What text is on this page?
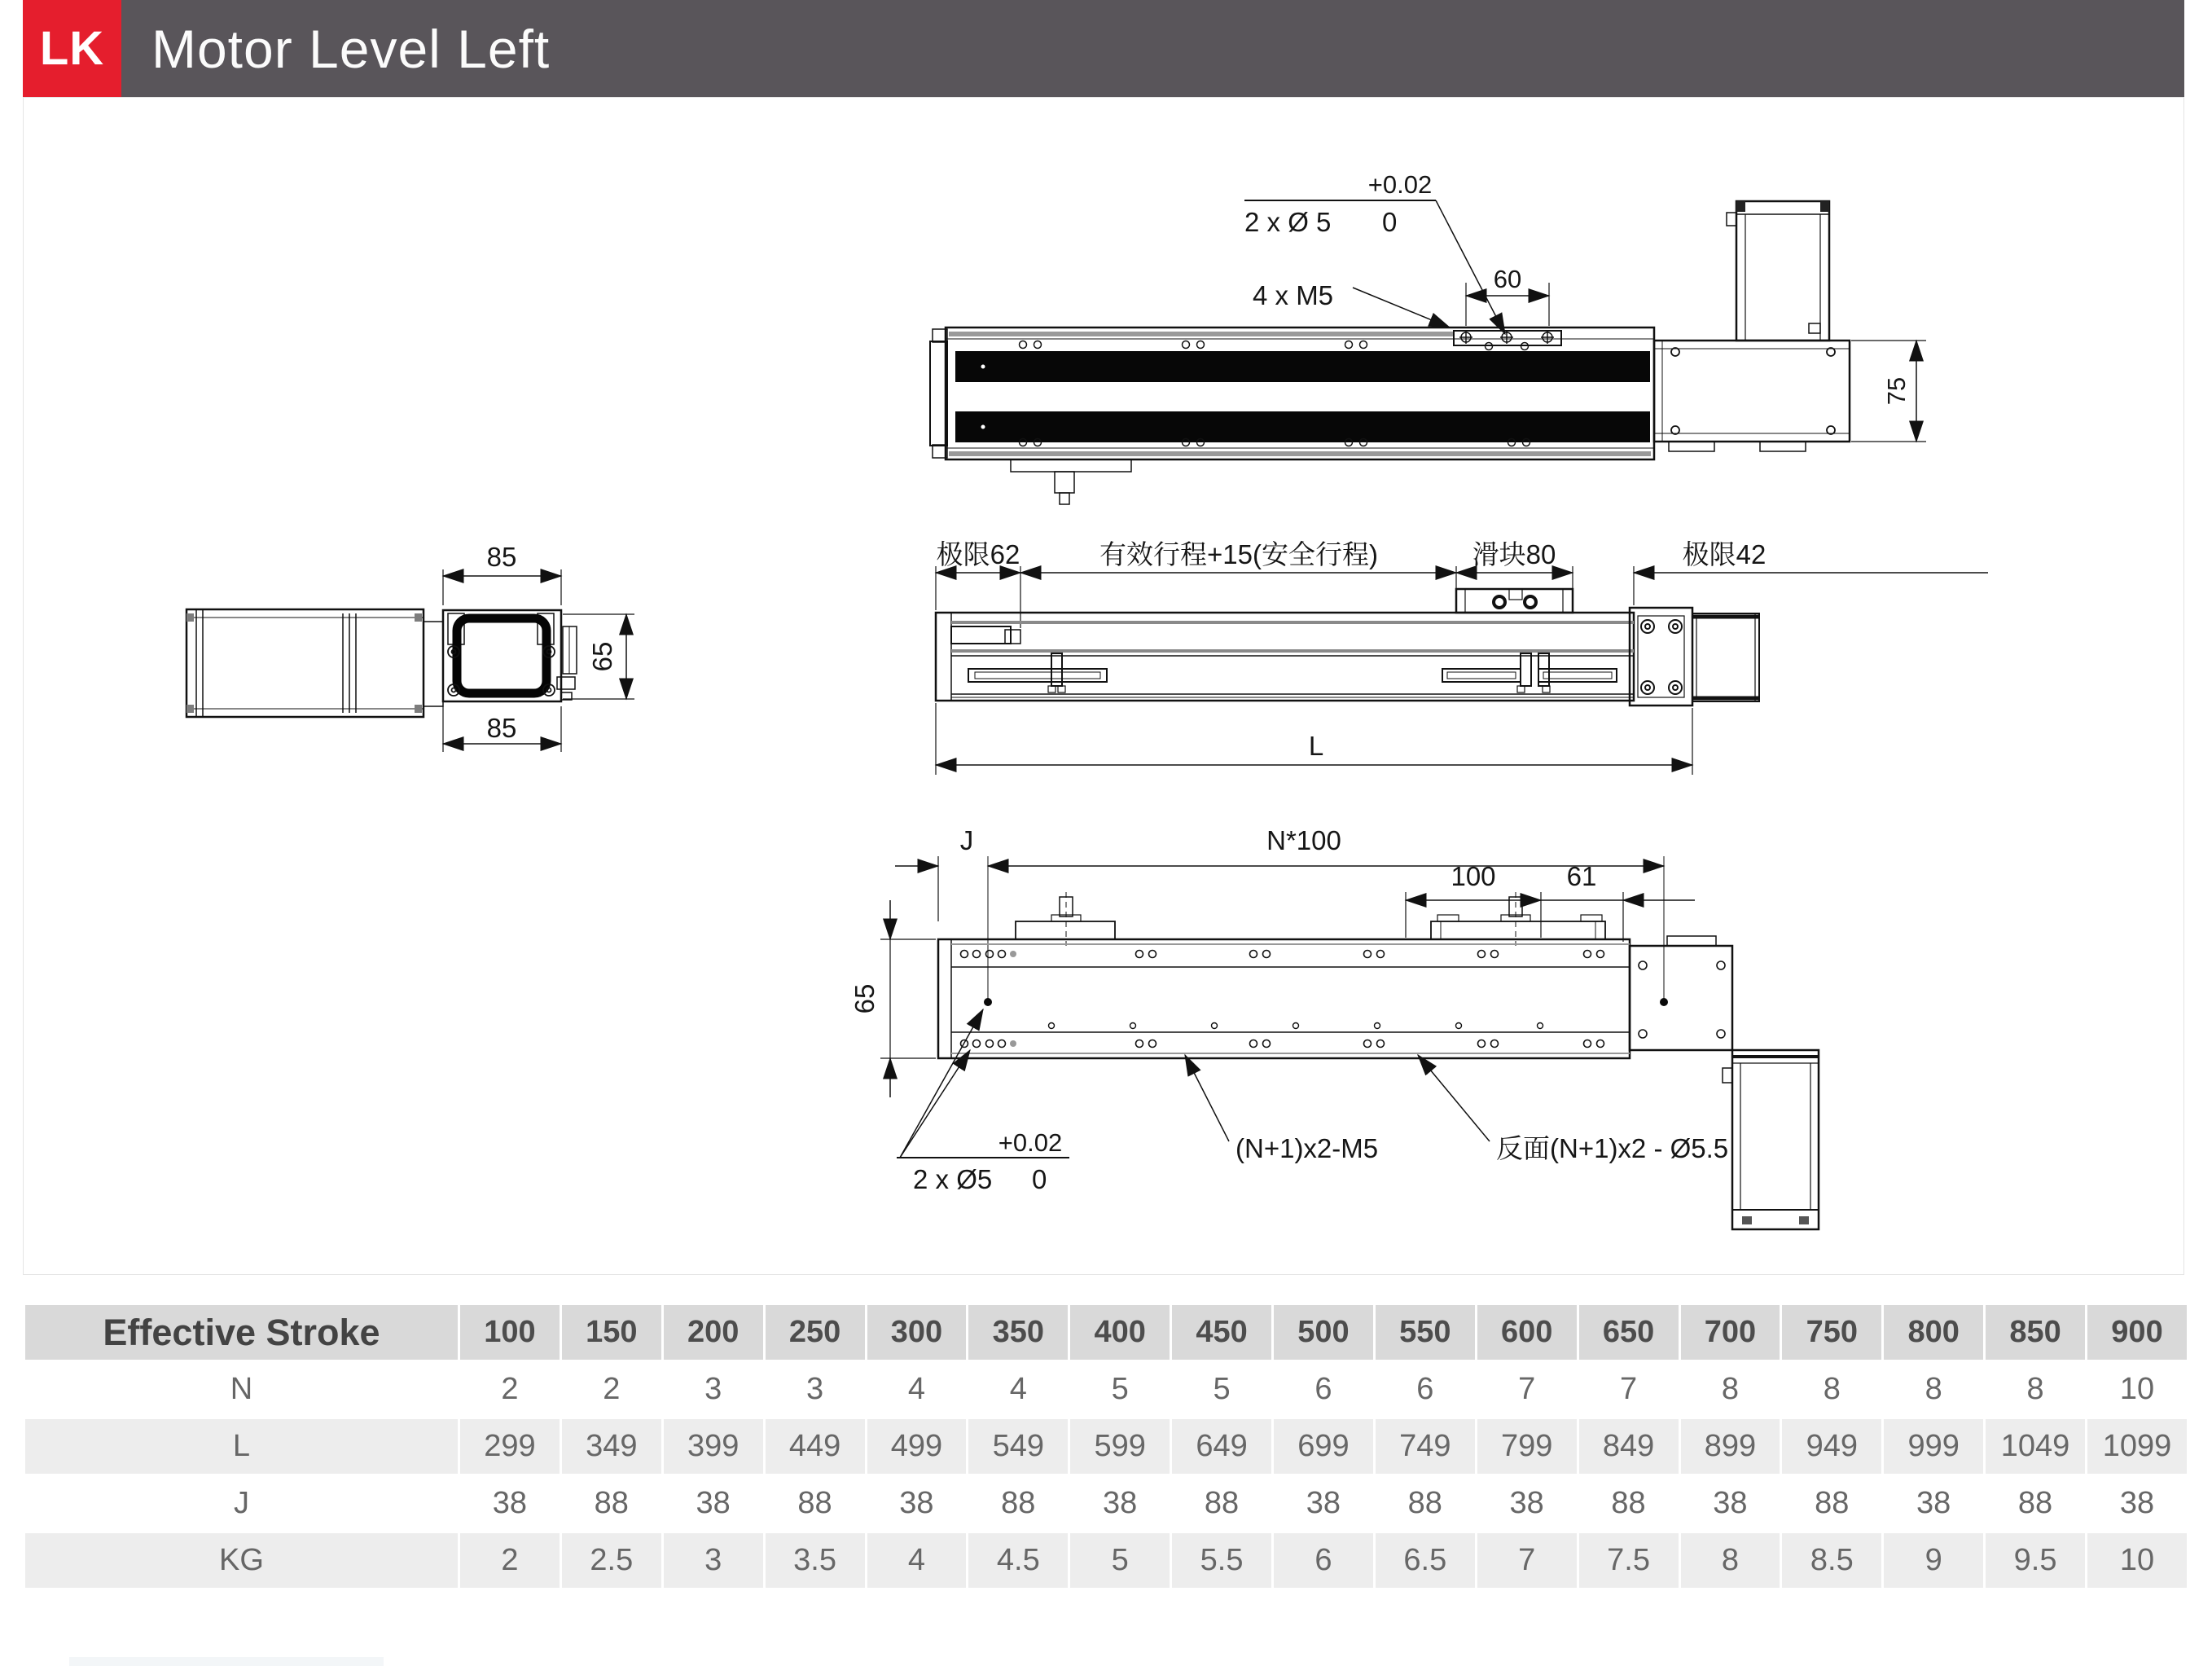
LK Motor Level Left
75
60
4 x M5
+0.02
2 x Ø 5 0
极限62	有效行程+15(安全行程)	滑块80	极限42
L
85
85
65
J	N*100
100	61
65
+0.02
2 x Ø5 0
(N+1)x2-M5	反面(N+1)x2 - Ø5.5
Effective Stroke	100	150	200	250	300	350	400	450	500	550	600	650	700	750	800	850	900
N	2	2	3	3	4	4	5	5	6	6	7	7	8	8	8	8	10
L	299	349	399	449	499	549	599	649	699	749	799	849	899	949	999	1049	1099
J	38	88	38	88	38	88	38	88	38	88	38	88	38	88	38	88	38
KG	2	2.5	3	3.5	4	4.5	5	5.5	6	6.5	7	7.5	8	8.5	9	9.5	10
